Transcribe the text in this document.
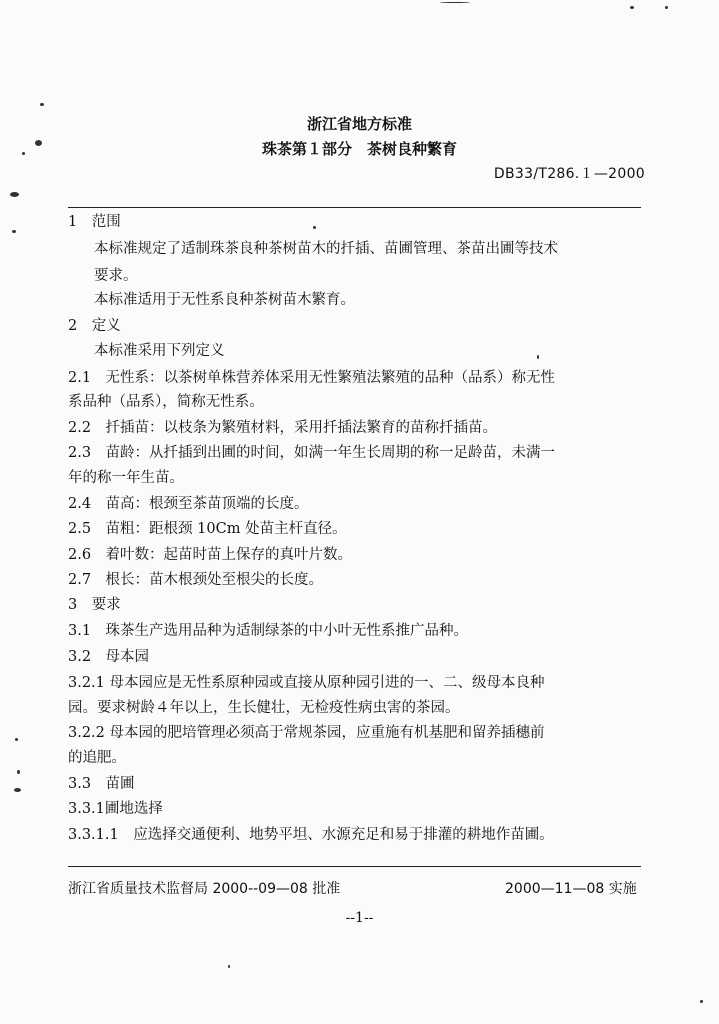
浙江省地方标准
珠茶第１部分　茶树良种繁育
DB33/T286.１—2000
1　范围
本标准规定了适制珠茶良种茶树苗木的扦插、苗圃管理、茶苗出圃等技术
要求。
本标准适用于无性系良种茶树苗木繁育。
2　定义
本标准采用下列定义
2.1　无性系：以茶树单株营养体采用无性繁殖法繁殖的品种（品系）称无性
系品种（品系），简称无性系。
2.2　扦插苗：以枝条为繁殖材料，采用扦插法繁育的苗称扦插苗。
2.3　苗龄：从扦插到出圃的时间，如满一年生长周期的称一足龄苗，未满一
年的称一年生苗。
2.4　苗高：根颈至茶苗顶端的长度。
2.5　苗粗：距根颈 10Cm 处苗主杆直径。
2.6　着叶数：起苗时苗上保存的真叶片数。
2.7　根长：苗木根颈处至根尖的长度。
3　要求
3.1　珠茶生产选用品种为适制绿茶的中小叶无性系推广品种。
3.2　母本园
3.2.1 母本园应是无性系原种园或直接从原种园引进的一、二、级母本良种
园。要求树龄４年以上，生长健壮，无检疫性病虫害的茶园。
3.2.2 母本园的肥培管理必须高于常规茶园，应重施有机基肥和留养插穗前
的追肥。
3.3　苗圃
3.3.1圃地选择
3.3.1.1　应选择交通便利、地势平坦、水源充足和易于排灌的耕地作苗圃。
浙江省质量技术监督局 2000--09—08 批准	2000—11—08 实施
--1--
